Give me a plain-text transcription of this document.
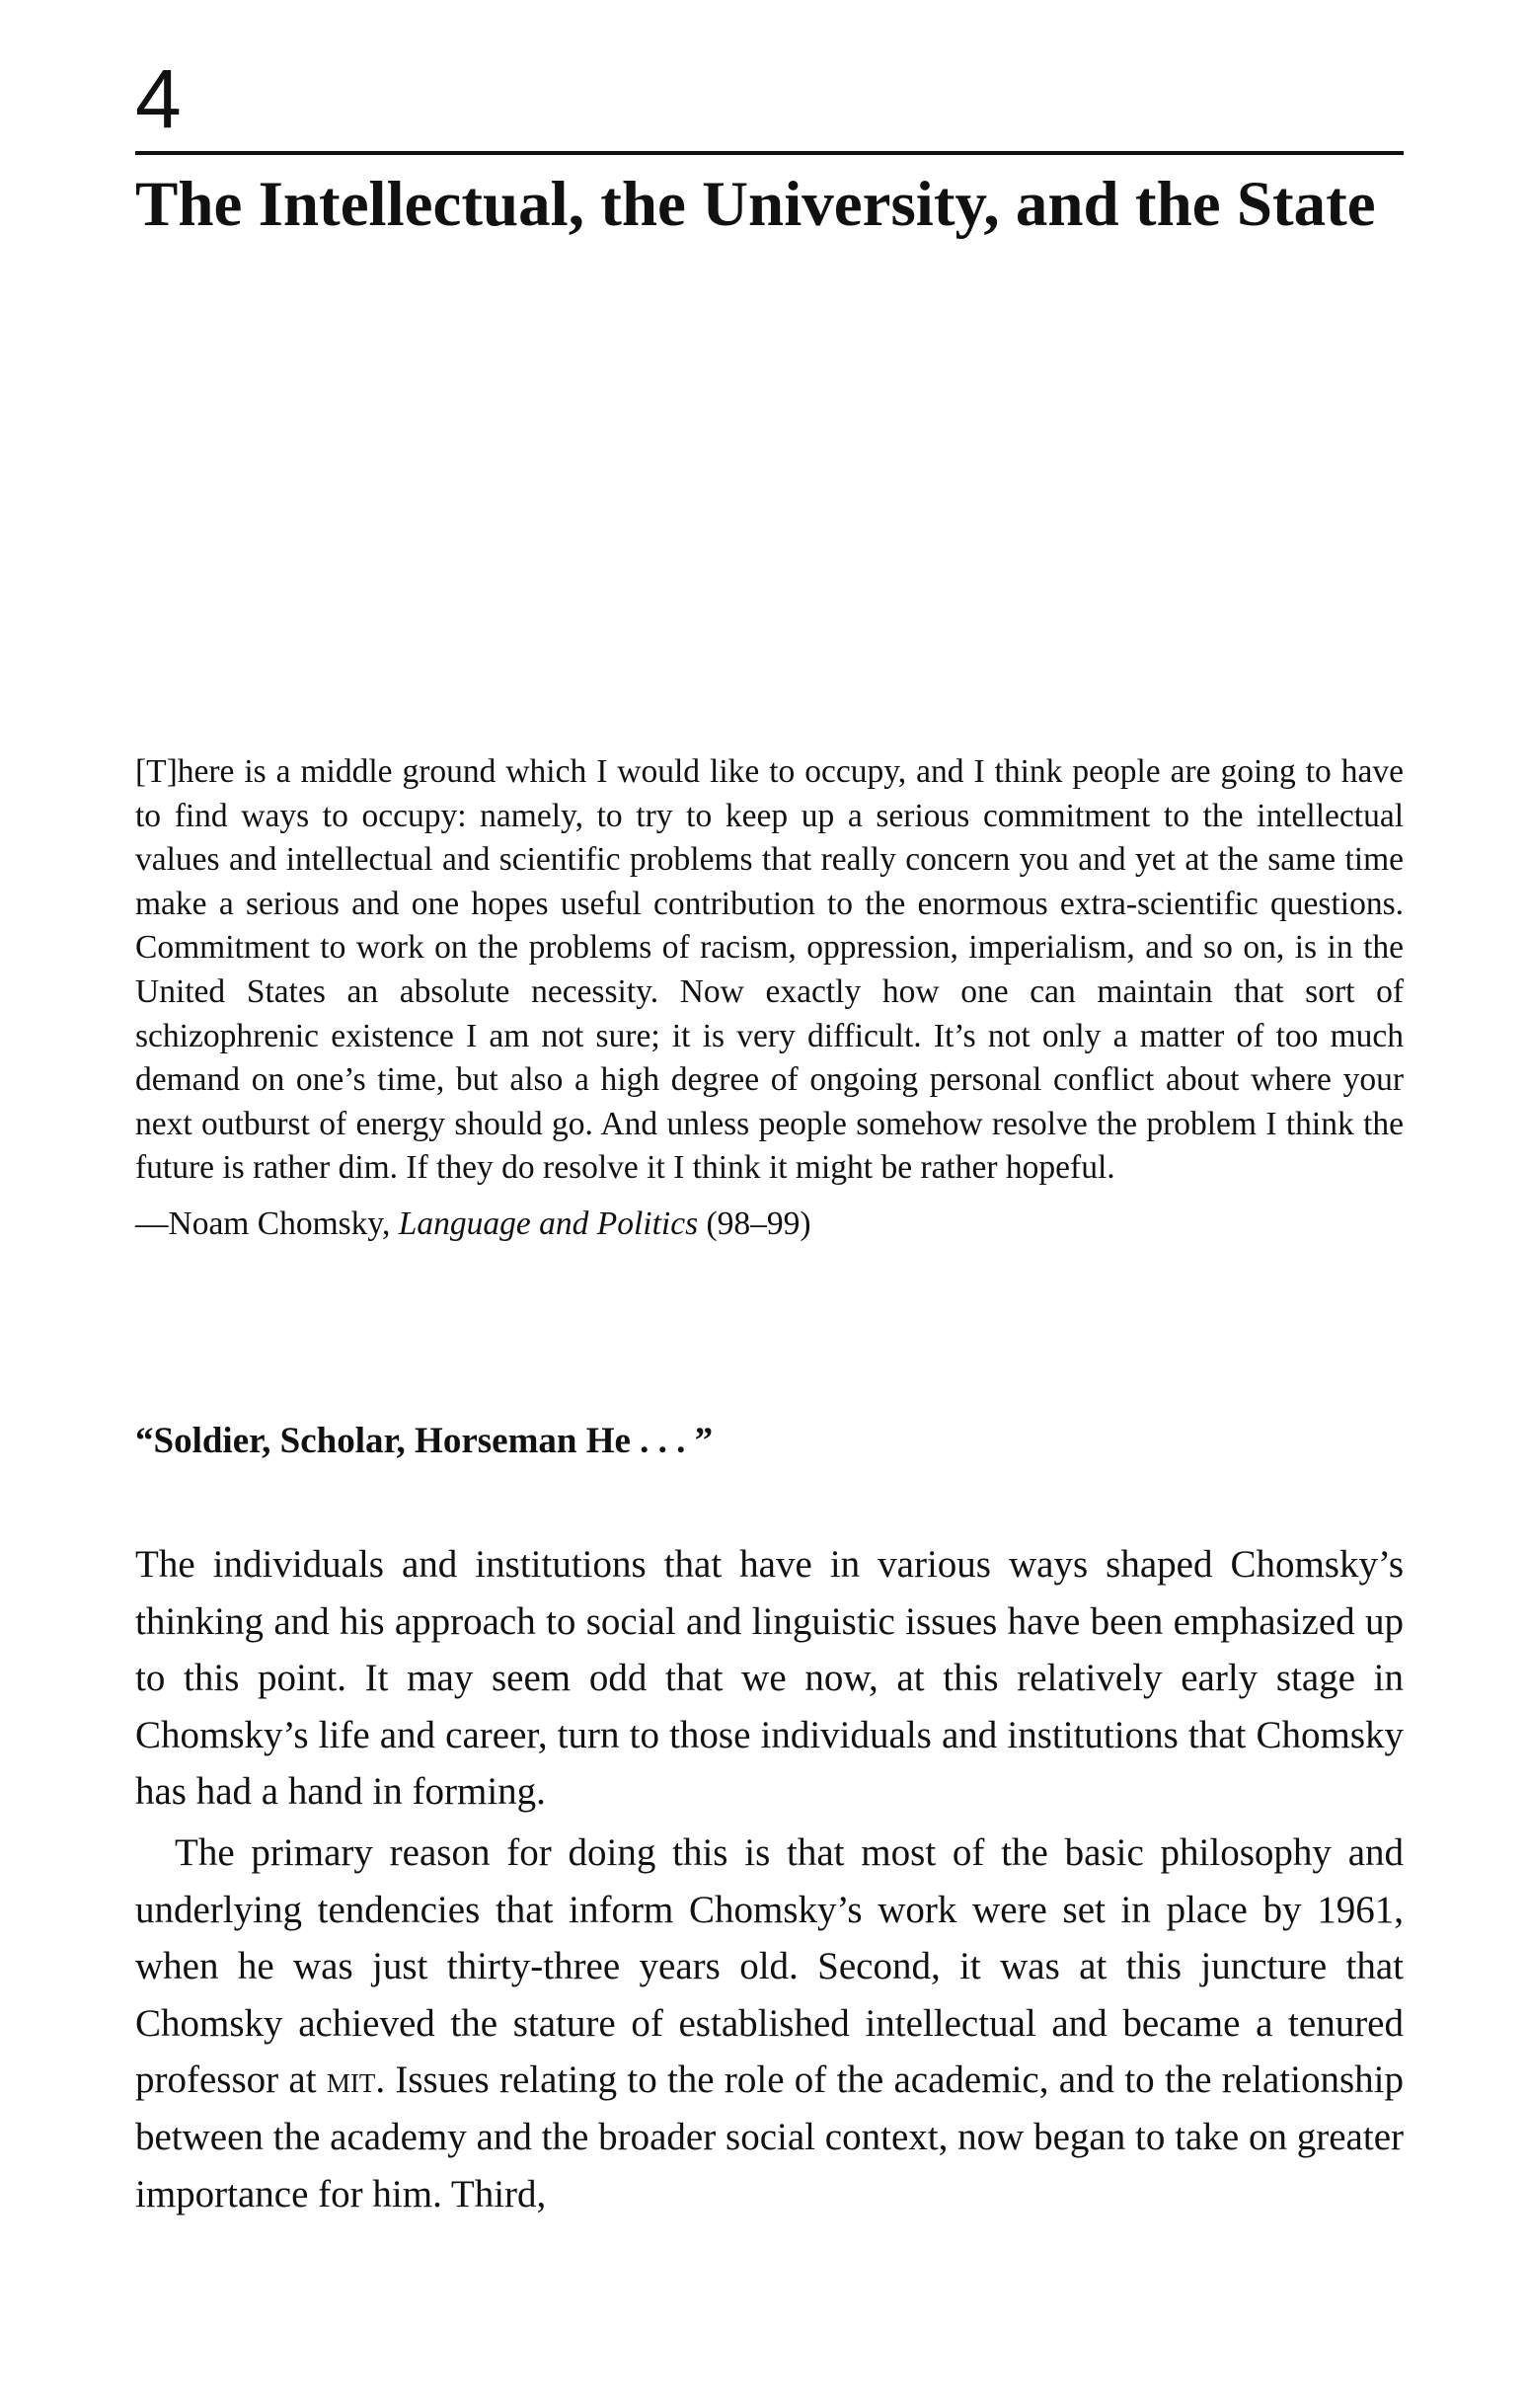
4
The Intellectual, the University, and the State

[T]here is a middle ground which I would like to occupy, and I think people are going to have to find ways to occupy: namely, to try to keep up a serious commitment to the intellectual values and intellectual and scientific problems that really concern you and yet at the same time make a serious and one hopes useful contribution to the enormous extra-scientific questions. Commitment to work on the problems of racism, oppression, imperialism, and so on, is in the United States an absolute necessity. Now exactly how one can maintain that sort of schizophrenic existence I am not sure; it is very difficult. It’s not only a matter of too much demand on one’s time, but also a high degree of ongoing personal conflict about where your next outburst of energy should go. And unless people somehow resolve the problem I think the future is rather dim. If they do resolve it I think it might be rather hopeful.

—Noam Chomsky, Language and Politics (98–99)

“Soldier, Scholar, Horseman He . . . ”

The individuals and institutions that have in various ways shaped Chomsky’s thinking and his approach to social and linguistic issues have been emphasized up to this point. It may seem odd that we now, at this relatively early stage in Chomsky’s life and career, turn to those individuals and institutions that Chomsky has had a hand in forming.

The primary reason for doing this is that most of the basic philosophy and underlying tendencies that inform Chomsky’s work were set in place by 1961, when he was just thirty-three years old. Second, it was at this juncture that Chomsky achieved the stature of established intellectual and became a tenured professor at mit. Issues relating to the role of the academic, and to the relationship between the academy and the broader social context, now began to take on greater importance for him. Third,
